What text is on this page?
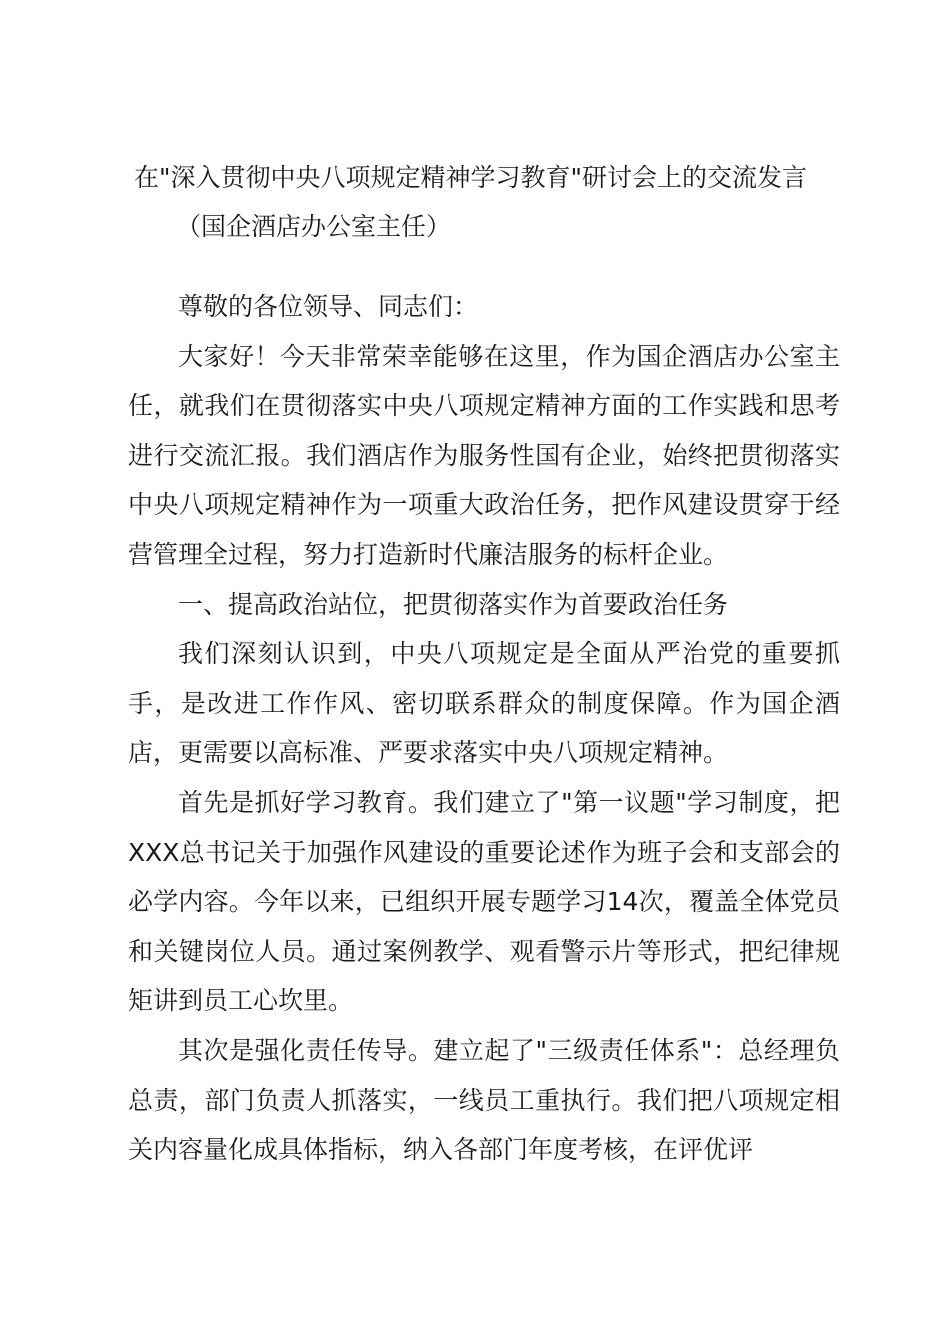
在"深入贯彻中央八项规定精神学习教育"研讨会上的交流发言
（国企酒店办公室主任）

尊敬的各位领导、同志们：

大家好！今天非常荣幸能够在这里，作为国企酒店办公室主任，就我们在贯彻落实中央八项规定精神方面的工作实践和思考进行交流汇报。我们酒店作为服务性国有企业，始终把贯彻落实中央八项规定精神作为一项重大政治任务，把作风建设贯穿于经营管理全过程，努力打造新时代廉洁服务的标杆企业。

一、提高政治站位，把贯彻落实作为首要政治任务

我们深刻认识到，中央八项规定是全面从严治党的重要抓手，是改进工作作风、密切联系群众的制度保障。作为国企酒店，更需要以高标准、严要求落实中央八项规定精神。

首先是抓好学习教育。我们建立了"第一议题"学习制度，把XXX总书记关于加强作风建设的重要论述作为班子会和支部会的必学内容。今年以来，已组织开展专题学习14次，覆盖全体党员和关键岗位人员。通过案例教学、观看警示片等形式，把纪律规矩讲到员工心坎里。

其次是强化责任传导。建立起了"三级责任体系"：总经理负总责，部门负责人抓落实，一线员工重执行。我们把八项规定相关内容量化成具体指标，纳入各部门年度考核，在评优评
